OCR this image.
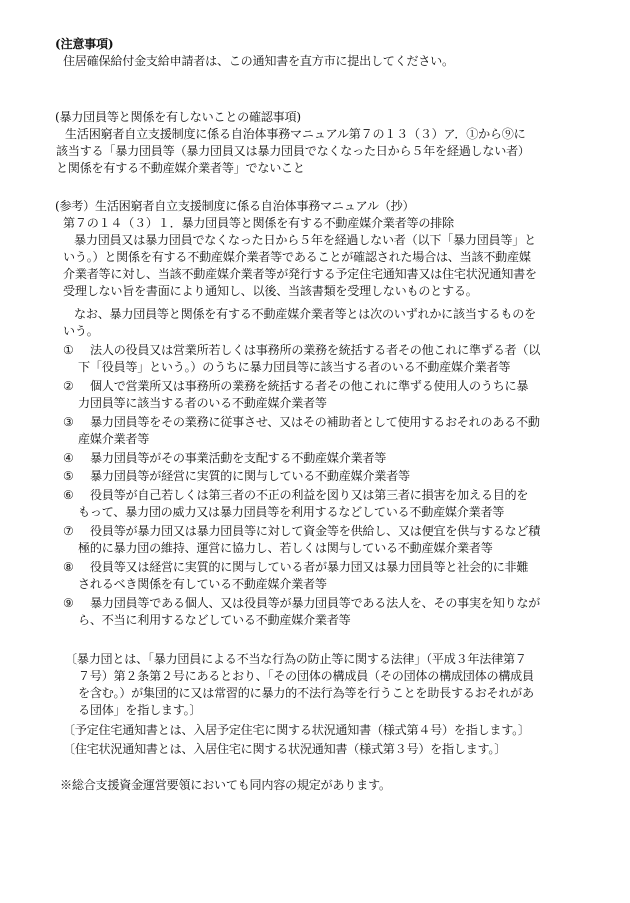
(注意事項)
住居確保給付金支給申請者は、この通知書を直方市に提出してください。
(暴力団員等と関係を有しないことの確認事項)
生活困窮者自立支援制度に係る自治体事務マニュアル第７の１３（３）ア．①から⑨に
該当する「暴力団員等（暴力団員又は暴力団員でなくなった日から５年を経過しない者）
と関係を有する不動産媒介業者等」でないこと
(参考）生活困窮者自立支援制度に係る自治体事務マニュアル（抄）
第７の１４（３）１．暴力団員等と関係を有する不動産媒介業者等の排除
暴力団員又は暴力団員でなくなった日から５年を経過しない者（以下「暴力団員等」と
いう。）と関係を有する不動産媒介業者等であることが確認された場合は、当該不動産媒
介業者等に対し、当該不動産媒介業者等が発行する予定住宅通知書又は住宅状況通知書を
受理しない旨を書面により通知し、以後、当該書類を受理しないものとする。
なお、暴力団員等と関係を有する不動産媒介業者等とは次のいずれかに該当するものを
いう。
① 法人の役員又は営業所若しくは事務所の業務を統括する者その他これに準ずる者（以
下「役員等」という。）のうちに暴力団員等に該当する者のいる不動産媒介業者等
② 個人で営業所又は事務所の業務を統括する者その他これに準ずる使用人のうちに暴
力団員等に該当する者のいる不動産媒介業者等
③ 暴力団員等をその業務に従事させ、又はその補助者として使用するおそれのある不動
産媒介業者等
④ 暴力団員等がその事業活動を支配する不動産媒介業者等
⑤ 暴力団員等が経営に実質的に関与している不動産媒介業者等
⑥ 役員等が自己若しくは第三者の不正の利益を図り又は第三者に損害を加える目的を
もって、暴力団の威力又は暴力団員等を利用するなどしている不動産媒介業者等
⑦ 役員等が暴力団又は暴力団員等に対して資金等を供給し、又は便宜を供与するなど積
極的に暴力団の維持、運営に協力し、若しくは関与している不動産媒介業者等
⑧ 役員等又は経営に実質的に関与している者が暴力団又は暴力団員等と社会的に非難
されるべき関係を有している不動産媒介業者等
⑨ 暴力団員等である個人、又は役員等が暴力団員等である法人を、その事実を知りなが
ら、不当に利用するなどしている不動産媒介業者等
〔暴力団とは、「暴力団員による不当な行為の防止等に関する法律」（平成３年法律第７
７号）第２条第２号にあるとおり、「その団体の構成員（その団体の構成団体の構成員
を含む。）が集団的に又は常習的に暴力的不法行為等を行うことを助長するおそれがあ
る団体」を指します。〕
〔予定住宅通知書とは、入居予定住宅に関する状況通知書（様式第４号）を指します。〕
〔住宅状況通知書とは、入居住宅に関する状況通知書（様式第３号）を指します。〕
※総合支援資金運営要領においても同内容の規定があります。
